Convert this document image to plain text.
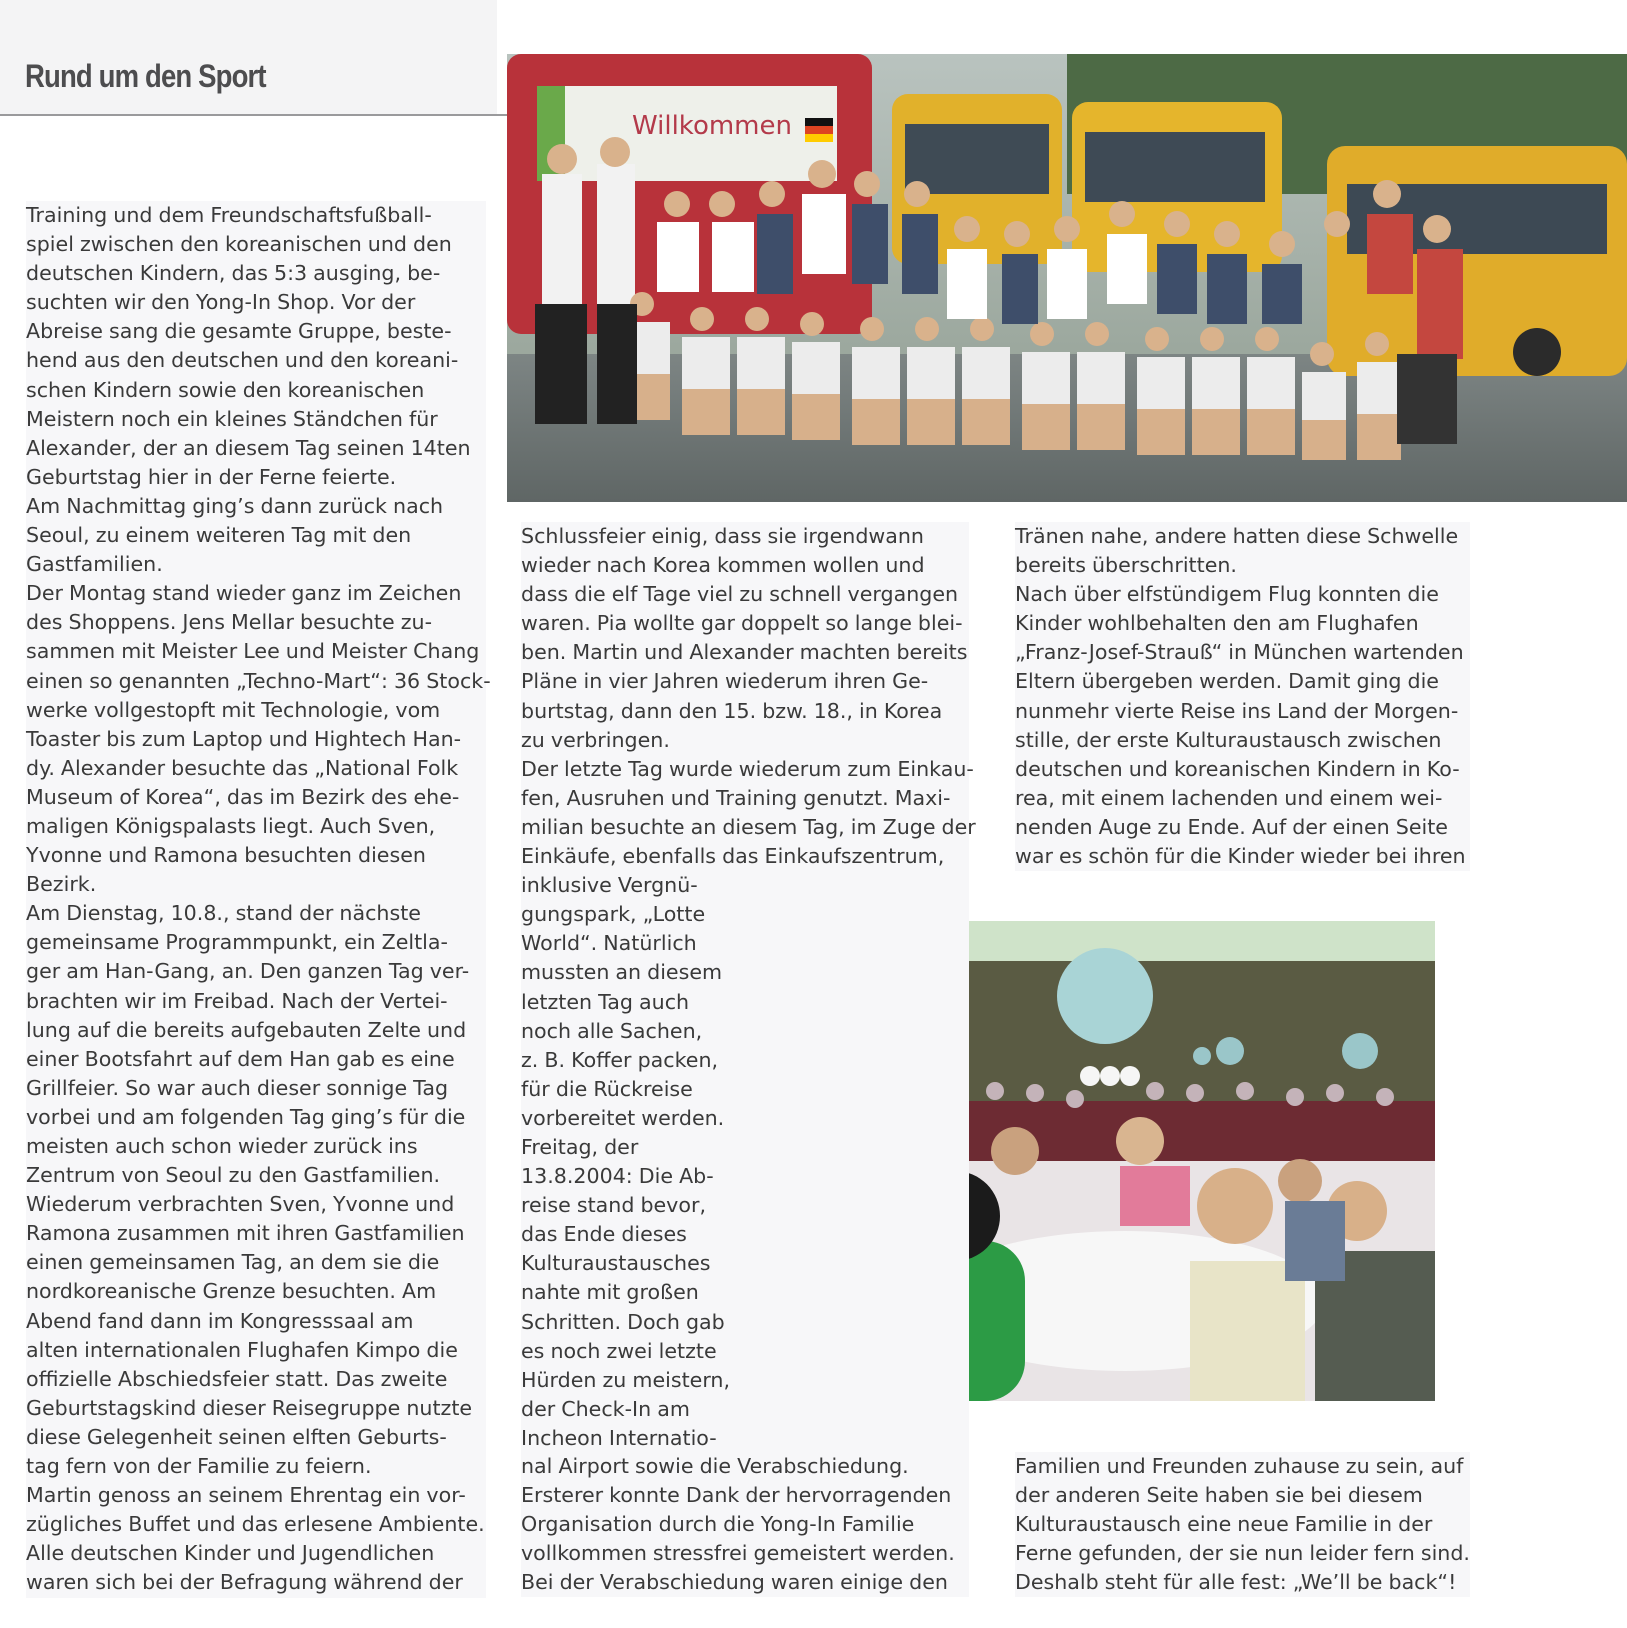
Rund um den Sport
Willkommen
Training und dem Freundschaftsfußball-
spiel zwischen den koreanischen und den
deutschen Kindern, das 5:3 ausging, be-
suchten wir den Yong-In Shop. Vor der
Abreise sang die gesamte Gruppe, beste-
hend aus den deutschen und den koreani-
schen Kindern sowie den koreanischen
Meistern noch ein kleines Ständchen für
Alexander, der an diesem Tag seinen 14ten
Geburtstag hier in der Ferne feierte.
Am Nachmittag ging’s dann zurück nach
Seoul, zu einem weiteren Tag mit den
Gastfamilien.
Der Montag stand wieder ganz im Zeichen
des Shoppens. Jens Mellar besuchte zu-
sammen mit Meister Lee und Meister Chang
einen so genannten „Techno-Mart“: 36 Stock-
werke vollgestopft mit Technologie, vom
Toaster bis zum Laptop und Hightech Han-
dy. Alexander besuchte das „National Folk
Museum of Korea“, das im Bezirk des ehe-
maligen Königspalasts liegt. Auch Sven,
Yvonne und Ramona besuchten diesen
Bezirk.
Am Dienstag, 10.8., stand der nächste
gemeinsame Programmpunkt, ein Zeltla-
ger am Han-Gang, an. Den ganzen Tag ver-
brachten wir im Freibad. Nach der Vertei-
lung auf die bereits aufgebauten Zelte und
einer Bootsfahrt auf dem Han gab es eine
Grillfeier. So war auch dieser sonnige Tag
vorbei und am folgenden Tag ging’s für die
meisten auch schon wieder zurück ins
Zentrum von Seoul zu den Gastfamilien.
Wiederum verbrachten Sven, Yvonne und
Ramona zusammen mit ihren Gastfamilien
einen gemeinsamen Tag, an dem sie die
nordkoreanische Grenze besuchten. Am
Abend fand dann im Kongresssaal am
alten internationalen Flughafen Kimpo die
offizielle Abschiedsfeier statt. Das zweite
Geburtstagskind dieser Reisegruppe nutzte
diese Gelegenheit seinen elften Geburts-
tag fern von der Familie zu feiern.
Martin genoss an seinem Ehrentag ein vor-
zügliches Buffet und das erlesene Ambiente.
Alle deutschen Kinder und Jugendlichen
waren sich bei der Befragung während der
Schlussfeier einig, dass sie irgendwann
wieder nach Korea kommen wollen und
dass die elf Tage viel zu schnell vergangen
waren. Pia wollte gar doppelt so lange blei-
ben. Martin und Alexander machten bereits
Pläne in vier Jahren wiederum ihren Ge-
burtstag, dann den 15. bzw. 18., in Korea
zu verbringen.
Der letzte Tag wurde wiederum zum Einkau-
fen, Ausruhen und Training genutzt. Maxi-
milian besuchte an diesem Tag, im Zuge der
Einkäufe, ebenfalls das Einkaufszentrum,
inklusive Vergnü-
gungspark, „Lotte
World“. Natürlich
mussten an diesem
letzten Tag auch
noch alle Sachen,
z. B. Koffer packen,
für die Rückreise
vorbereitet werden.
Freitag, der
13.8.2004: Die Ab-
reise stand bevor,
das Ende dieses
Kulturaustausches
nahte mit großen
Schritten. Doch gab
es noch zwei letzte
Hürden zu meistern,
der Check-In am
Incheon Internatio-
nal Airport sowie die Verabschiedung.
Ersterer konnte Dank der hervorragenden
Organisation durch die Yong-In Familie
vollkommen stressfrei gemeistert werden.
Bei der Verabschiedung waren einige den
Tränen nahe, andere hatten diese Schwelle
bereits überschritten.
Nach über elfstündigem Flug konnten die
Kinder wohlbehalten den am Flughafen
„Franz-Josef-Strauß“ in München wartenden
Eltern übergeben werden. Damit ging die
nunmehr vierte Reise ins Land der Morgen-
stille, der erste Kulturaustausch zwischen
deutschen und koreanischen Kindern in Ko-
rea, mit einem lachenden und einem wei-
nenden Auge zu Ende. Auf der einen Seite
war es schön für die Kinder wieder bei ihren
Familien und Freunden zuhause zu sein, auf
der anderen Seite haben sie bei diesem
Kulturaustausch eine neue Familie in der
Ferne gefunden, der sie nun leider fern sind.
Deshalb steht für alle fest: „We’ll be back“!
